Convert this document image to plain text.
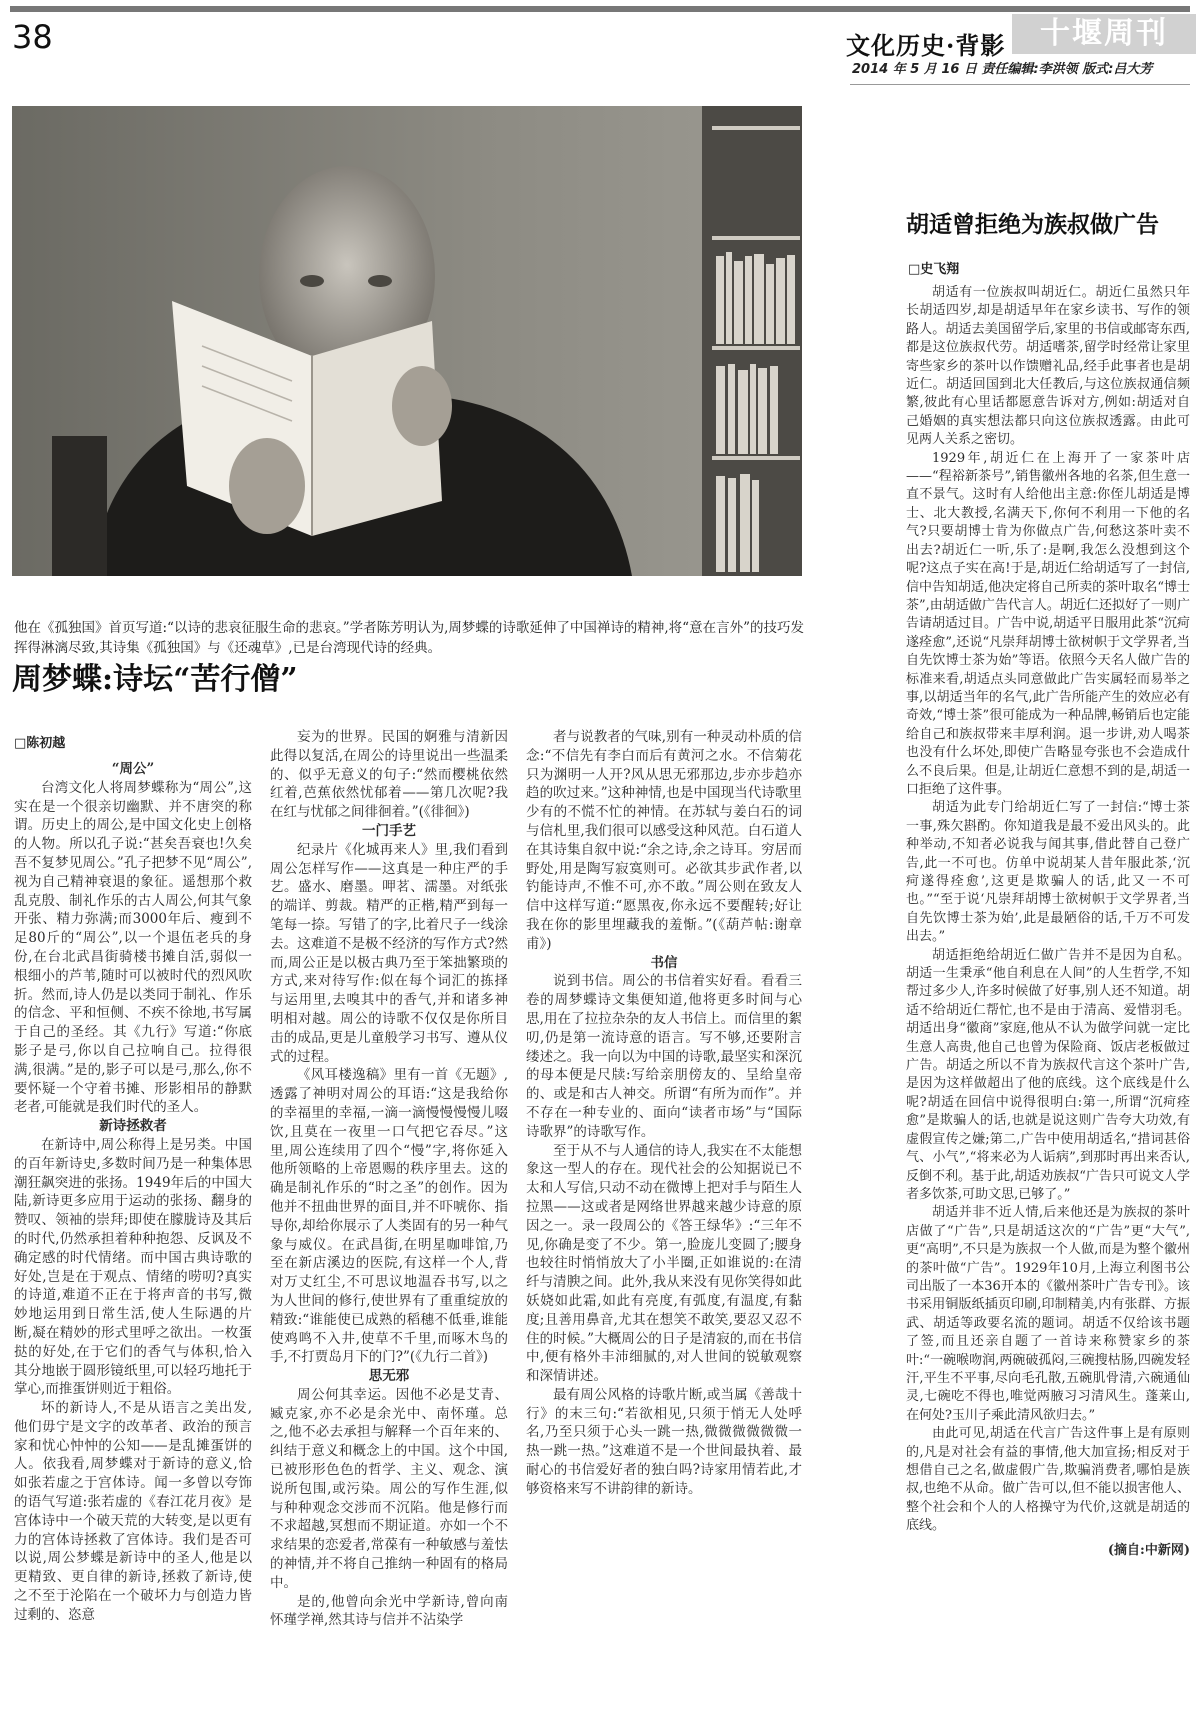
38	文化历史·背影	十堰周刊
2014 年 5 月 16 日 责任编辑:李洪领 版式:吕大芳
他在《孤独国》首页写道:“以诗的悲哀征服生命的悲哀。”学者陈芳明认为,周梦蝶的诗歌延伸了中国禅诗的精神,将“意在言外”的技巧发挥得淋漓尽致,其诗集《孤独国》与《还魂草》,已是台湾现代诗的经典。
周梦蝶:诗坛“苦行僧”
□陈初越

“周公”

台湾文化人将周梦蝶称为“周公”,这实在是一个很亲切幽默、并不唐突的称谓。历史上的周公,是中国文化史上创格的人物。所以孔子说:“甚矣吾衰也!久矣吾不复梦见周公。”孔子把梦不见“周公”,视为自己精神衰退的象征。遥想那个救乱克殷、制礼作乐的古人周公,何其气象开张、精力弥满;而3000年后、瘦到不足80斤的“周公”,以一个退伍老兵的身份,在台北武昌街骑楼书摊自活,弱似一根细小的芦苇,随时可以被时代的烈风吹折。然而,诗人仍是以类同于制礼、作乐的信念、平和恒侧、不疾不徐地,书写属于自己的圣经。其《九行》写道:“你底影子是弓,你以自己拉响自己。拉得很满,很满。”是的,影子可以是弓,那么,你不要怀疑一个守着书摊、形影相吊的静默老者,可能就是我们时代的圣人。

新诗拯救者

在新诗中,周公称得上是另类。中国的百年新诗史,多数时间乃是一种集体思潮狂飙突进的张扬。1949年后的中国大陆,新诗更多应用于运动的张扬、翻身的赞叹、领袖的崇拜;即使在朦胧诗及其后的时代,仍然承担着种种抱怨、反讽及不确定感的时代情绪。而中国古典诗歌的好处,岂是在于观点、情绪的唠叨?真实的诗道,难道不正在于将声音的书写,微妙地运用到日常生活,使人生际遇的片断,凝在精妙的形式里呼之欲出。一枚蛋挞的好处,在于它们的香气与体积,恰入其分地嵌于圆形镜纸里,可以轻巧地托于掌心,而推蛋饼则近于粗俗。

坏的新诗人,不是从语言之美出发,他们毋宁是文字的改革者、政治的预言家和忧心忡忡的公知——是乱摊蛋饼的人。依我看,周梦蝶对于新诗的意义,恰如张若虚之于宫体诗。闻一多曾以夸饰的语气写道:张若虚的《春江花月夜》是宫体诗中一个破天荒的大转变,是以更有力的宫体诗拯救了宫体诗。我们是否可以说,周公梦蝶是新诗中的圣人,他是以更精致、更自律的新诗,拯救了新诗,使之不至于沦陷在一个破坏力与创造力皆过剩的、恣意

妄为的世界。民国的婀雅与清新因此得以复活,在周公的诗里说出一些温柔的、似乎无意义的句子:“然而樱桃依然红着,芭蕉依然忧郁着——第几次呢?我在红与忧郁之间徘徊着。”(《徘徊》)

一门手艺

纪录片《化城再来人》里,我们看到周公怎样写作——这真是一种庄严的手艺。盛水、磨墨。呷茗、濡墨。对纸张的端详、剪裁。精严的正楷,精严到每一笔每一捺。写错了的字,比着尺子一线涂去。这难道不是极不经济的写作方式?然而,周公正是以极古典乃至于笨拙繁琐的方式,来对待写作:似在每个词汇的拣择与运用里,去嗅其中的香气,并和诸多神明相对越。周公的诗歌不仅仅是你所目击的成品,更是儿童般学习书写、遵从仪式的过程。

《风耳楼逸稿》里有一首《无题》,透露了神明对周公的耳语:“这是我给你的幸福里的幸福,一滴一滴慢慢慢慢儿啜饮,且莫在一夜里一口气把它吞尽。”这里,周公连续用了四个“慢”字,将你延入他所领略的上帝恩赐的秩序里去。这的确是制礼作乐的“时之圣”的创作。因为他并不扭曲世界的面目,并不吓唬你、指导你,却给你展示了人类固有的另一种气象与威仪。在武昌街,在明星咖啡馆,乃至在新店溪边的医院,有这样一个人,背对万丈红尘,不可思议地温吞书写,以之为人世间的修行,使世界有了重重绽放的精致:“谁能使已成熟的稻穗不低垂,谁能使鸡鸣不入井,使草不千里,而啄木鸟的手,不打贾岛月下的门?”(《九行二首》)

思无邪

周公何其幸运。因他不必是艾青、臧克家,亦不必是余光中、南怀瑾。总之,他不必去承担与解释一个百年来的、纠结于意义和概念上的中国。这个中国,已被形形色色的哲学、主义、观念、演说所包围,或污染。周公的写作生涯,似与种种观念交涉而不沉陷。他是修行而不求超越,冥想而不期证道。亦如一个不求结果的恋爱者,常葆有一种敏感与羞怯的神情,并不将自己推纳一种固有的格局中。

是的,他曾向余光中学新诗,曾向南怀瑾学禅,然其诗与信并不沾染学

者与说教者的气味,别有一种灵动朴质的信念:“不信先有李白而后有黄河之水。不信菊花只为渊明一人开?风从思无邪那边,步亦步趋亦趋的吹过来。”这种神情,也是中国现当代诗歌里少有的不慌不忙的神情。在苏轼与姜白石的词与信札里,我们很可以感受这种风范。白石道人在其诗集自叙中说:“余之诗,余之诗耳。穷居而野处,用是陶写寂寞则可。必欲其步武作者,以钓能诗声,不惟不可,亦不敢。”周公则在致友人信中这样写道:“愿黑夜,你永远不要醒转;好让我在你的影里埋藏我的羞惭。”(《葫芦帖:谢章甫》)

书信

说到书信。周公的书信着实好看。看看三卷的周梦蝶诗文集便知道,他将更多时间与心思,用在了拉拉杂杂的友人书信上。而信里的絮叨,仍是第一流诗意的语言。写不够,还要附言缕述之。我一向以为中国的诗歌,最坚实和深沉的母本便是尺牍:写给亲朋傍友的、呈给皇帝的、或是和古人神交。所谓“有所为而作”。并不存在一种专业的、面向“读者市场”与“国际诗歌界”的诗歌写作。

至于从不与人通信的诗人,我实在不太能想象这一型人的存在。现代社会的公知据说已不太和人写信,只动不动在微博上把对手与陌生人拉黑——这或者是网络世界越来越少诗意的原因之一。录一段周公的《答王绿华》:“三年不见,你确是变了不少。第一,脸庞儿变圆了;腰身也较往时悄悄放大了小半圈,正如谁说的:在清纤与清腴之间。此外,我从来没有见你笑得如此妖娆如此霜,如此有亮度,有弧度,有温度,有黏度;且善用鼻音,尤其在想笑不敢笑,要忍又忍不住的时候。”大概周公的日子是清寂的,而在书信中,便有格外丰沛细腻的,对人世间的锐敏观察和深情讲述。

最有周公风格的诗歌片断,或当属《善哉十行》的末三句:“若欲相见,只须于悄无人处呼名,乃至只须于心头一跳一热,微微微微微微一热一跳一热。”这难道不是一个世间最执着、最耐心的书信爱好者的独白吗?诗家用情若此,才够资格来写不讲韵律的新诗。

胡适曾拒绝为族叔做广告
□史飞翔

胡适有一位族叔叫胡近仁。胡近仁虽然只年长胡适四岁,却是胡适早年在家乡读书、写作的领路人。胡适去美国留学后,家里的书信或邮寄东西,都是这位族叔代劳。胡适嗜茶,留学时经常让家里寄些家乡的茶叶以作馈赠礼品,经手此事者也是胡近仁。胡适回国到北大任教后,与这位族叔通信频繁,彼此有心里话都愿意告诉对方,例如:胡适对自己婚姻的真实想法都只向这位族叔透露。由此可见两人关系之密切。

1929年,胡近仁在上海开了一家茶叶店——“程裕新茶号”,销售徽州各地的名茶,但生意一直不景气。这时有人给他出主意:你侄儿胡适是博士、北大教授,名满天下,你何不利用一下他的名气?只要胡博士肯为你做点广告,何愁这茶叶卖不出去?胡近仁一听,乐了:是啊,我怎么没想到这个呢?这点子实在高!于是,胡近仁给胡适写了一封信,信中告知胡适,他决定将自己所卖的茶叶取名“博士茶”,由胡适做广告代言人。胡近仁还拟好了一则广告请胡适过目。广告中说,胡适平日服用此茶“沉疴遂痊愈”,还说“凡崇拜胡博士欲树帜于文学界者,当自先饮博士茶为始”等语。依照今天名人做广告的标准来看,胡适点头同意做此广告实属轻而易举之事,以胡适当年的名气,此广告所能产生的效应必有奇效,“博士茶”很可能成为一种品牌,畅销后也定能给自己和族叔带来丰厚利润。退一步讲,劝人喝茶也没有什么坏处,即使广告略显夸张也不会造成什么不良后果。但是,让胡近仁意想不到的是,胡适一口拒绝了这件事。

胡适为此专门给胡近仁写了一封信:“博士茶一事,殊欠斟酌。你知道我是最不爱出风头的。此种举动,不知者必说我与闻其事,借此替自己登广告,此一不可也。仿单中说胡某人昔年服此茶,‘沉疴遂得痊愈’,这更是欺骗人的话,此又一不可也。”“至于说‘凡崇拜胡博士欲树帜于文学界者,当自先饮博士茶为始’,此是最陋俗的话,千万不可发出去。”

胡适拒绝给胡近仁做广告并不是因为自私。胡适一生秉承“他自利息在人间”的人生哲学,不知帮过多少人,许多时候做了好事,别人还不知道。胡适不给胡近仁帮忙,也不是由于清高、爱惜羽毛。胡适出身“徽商”家庭,他从不认为做学问就一定比生意人高贵,他自己也曾为保险商、饭店老板做过广告。胡适之所以不肯为族叔代言这个茶叶广告,是因为这样做超出了他的底线。这个底线是什么呢?胡适在回信中说得很明白:第一,所谓“沉疴痊愈”是欺骗人的话,也就是说这则广告夸大功效,有虚假宣传之嫌;第二,广告中使用胡适名,“措词甚俗气、小气”,“将来必为人诟病”,到那时再出来否认,反倒不利。基于此,胡适劝族叔“广告只可说文人学者多饮茶,可助文思,已够了。”

胡适并非不近人情,后来他还是为族叔的茶叶店做了“广告”,只是胡适这次的“广告”更“大气”,更“高明”,不只是为族叔一个人做,而是为整个徽州的茶叶做“广告”。1929年10月,上海立利图书公司出版了一本36开本的《徽州茶叶广告专刊》。该书采用铜版纸插页印刷,印制精美,内有张群、方振武、胡适等政要名流的题词。胡适不仅给该书题了签,而且还亲自题了一首诗来称赞家乡的茶叶:“一碗喉吻润,两碗破孤闷,三碗搜枯肠,四碗发轻汗,平生不平事,尽向毛孔散,五碗肌骨清,六碗通仙灵,七碗吃不得也,唯觉两腋习习清风生。蓬莱山,在何处?玉川子乘此清风欲归去。”

由此可见,胡适在代言广告这件事上是有原则的,凡是对社会有益的事情,他大加宣扬;相反对于想借自己之名,做虚假广告,欺骗消费者,哪怕是族叔,也绝不从命。做广告可以,但不能以损害他人、整个社会和个人的人格操守为代价,这就是胡适的底线。

(摘自:中新网)
